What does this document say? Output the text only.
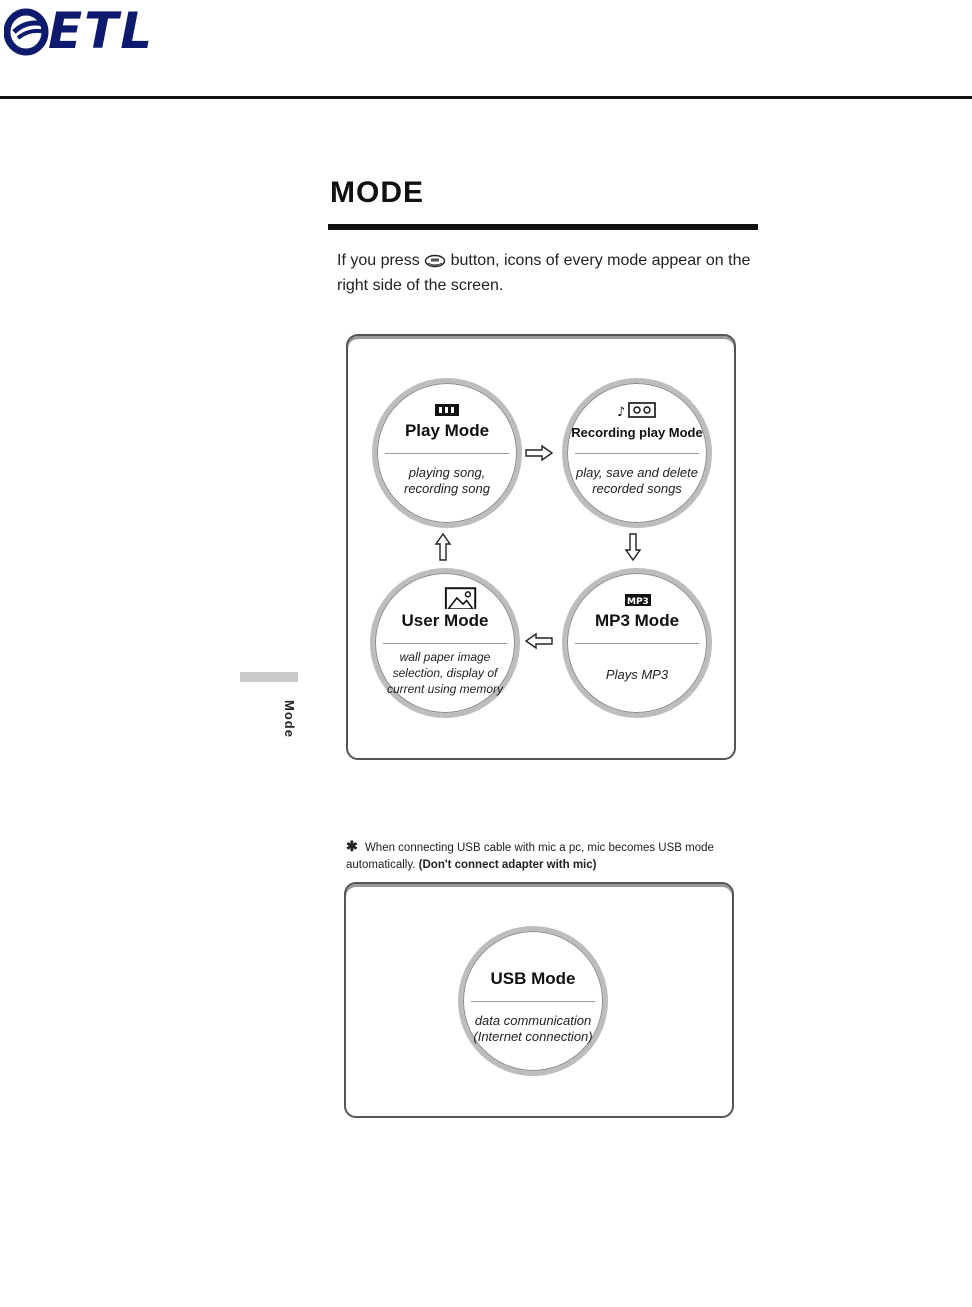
ETL
MODE
If you press button, icons of every mode appear on the right side of the screen.
Mode
Play Mode
playing song, recording song
♪
Recording play Mode
play, save and delete recorded songs
User Mode
wall paper image selection, display of current using memory
MP3
MP3 Mode
Plays MP3
✱ When connecting USB cable with mic a pc, mic becomes USB mode automatically. (Don't connect adapter with mic)
USB Mode
data communication (Internet connection)
